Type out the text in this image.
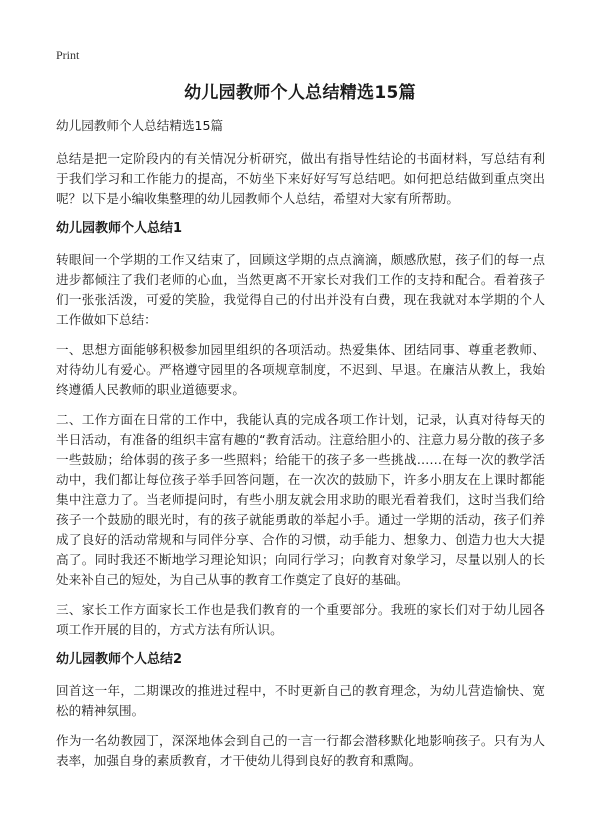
Print
幼儿园教师个人总结精选15篇

幼儿园教师个人总结精选15篇

总结是把一定阶段内的有关情况分析研究，做出有指导性结论的书面材料，写总结有利于我们学习和工作能力的提高，不妨坐下来好好写写总结吧。如何把总结做到重点突出呢？以下是小编收集整理的幼儿园教师个人总结，希望对大家有所帮助。

幼儿园教师个人总结1

转眼间一个学期的工作又结束了，回顾这学期的点点滴滴，颇感欣慰，孩子们的每一点进步都倾注了我们老师的心血，当然更离不开家长对我们工作的支持和配合。看着孩子们一张张活泼，可爱的笑脸，我觉得自己的付出并没有白费，现在我就对本学期的个人工作做如下总结：

一、思想方面能够积极参加园里组织的各项活动。热爱集体、团结同事、尊重老教师、对待幼儿有爱心。严格遵守园里的各项规章制度，不迟到、早退。在廉洁从教上，我始终遵循人民教师的职业道德要求。

二、工作方面在日常的工作中，我能认真的完成各项工作计划，记录，认真对待每天的半日活动，有准备的组织丰富有趣的“教育活动。注意给胆小的、注意力易分散的孩子多一些鼓励；给体弱的孩子多一些照料；给能干的孩子多一些挑战……在每一次的教学活动中，我们都让每位孩子举手回答问题，在一次次的鼓励下，许多小朋友在上课时都能集中注意力了。当老师提问时，有些小朋友就会用求助的眼光看着我们，这时当我们给孩子一个鼓励的眼光时，有的孩子就能勇敢的举起小手。通过一学期的活动，孩子们养成了良好的活动常规和与同伴分享、合作的习惯，动手能力、想象力、创造力也大大提高了。同时我还不断地学习理论知识；向同行学习；向教育对象学习，尽量以别人的长处来补自己的短处，为自己从事的教育工作奠定了良好的基础。

三、家长工作方面家长工作也是我们教育的一个重要部分。我班的家长们对于幼儿园各项工作开展的目的，方式方法有所认识。

幼儿园教师个人总结2

回首这一年，二期课改的推进过程中，不时更新自己的教育理念，为幼儿营造愉快、宽松的精神氛围。

作为一名幼教园丁，深深地体会到自己的一言一行都会潜移默化地影响孩子。只有为人表率，加强自身的素质教育，才干使幼儿得到良好的教育和熏陶。
